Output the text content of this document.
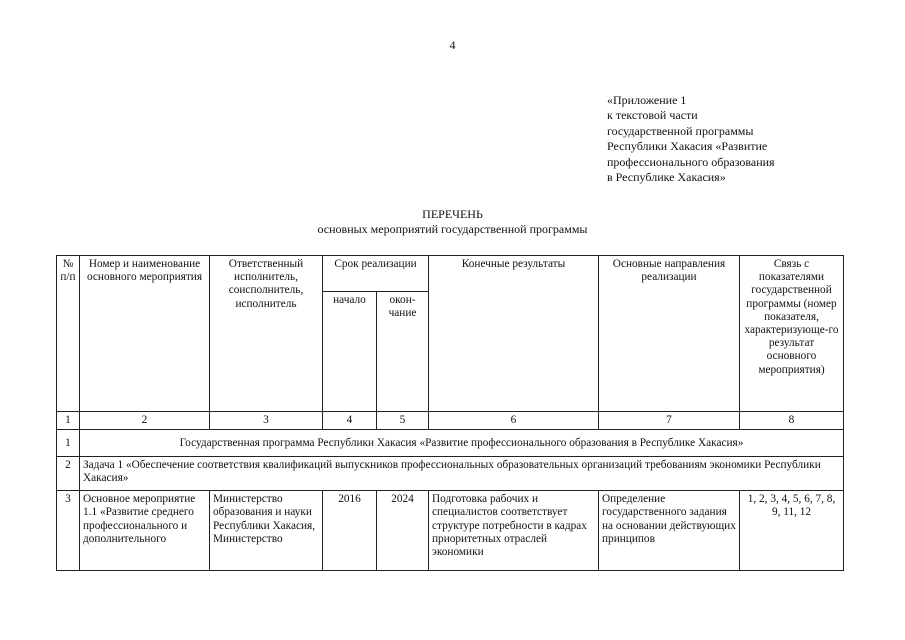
4
«Приложение 1
к текстовой части
государственной программы
Республики Хакасия «Развитие
профессионального образования
в Республике Хакасия»
ПЕРЕЧЕНЬ
основных мероприятий государственной программы
№ п/п	Номер и наименование основного мероприятия	Ответственный исполнитель, соисполнитель, исполнитель	Срок реализации		Конечные результаты	Основные направления реализации	Связь с показателями государственной программы (номер показателя, характеризующе-го результат основного мероприятия)
			начало	окон-чание			
1	2	3	4	5	6	7	8
1	Государственная программа Республики Хакасия «Развитие профессионального образования в Республике Хакасия»						
2	Задача 1 «Обеспечение соответствия квалификаций выпускников профессиональных образовательных организаций требованиям экономики Республики Хакасия»						
3	Основное мероприятие 1.1 «Развитие среднего профессионального и дополнительного	Министерство образования и науки Республики Хакасия, Министерство	2016	2024	Подготовка рабочих и специалистов соответствует структуре потребности в кадрах приоритетных отраслей экономики	Определение государственного задания на основании действующих принципов	1, 2, 3, 4, 5, 6, 7, 8, 9, 11, 12
